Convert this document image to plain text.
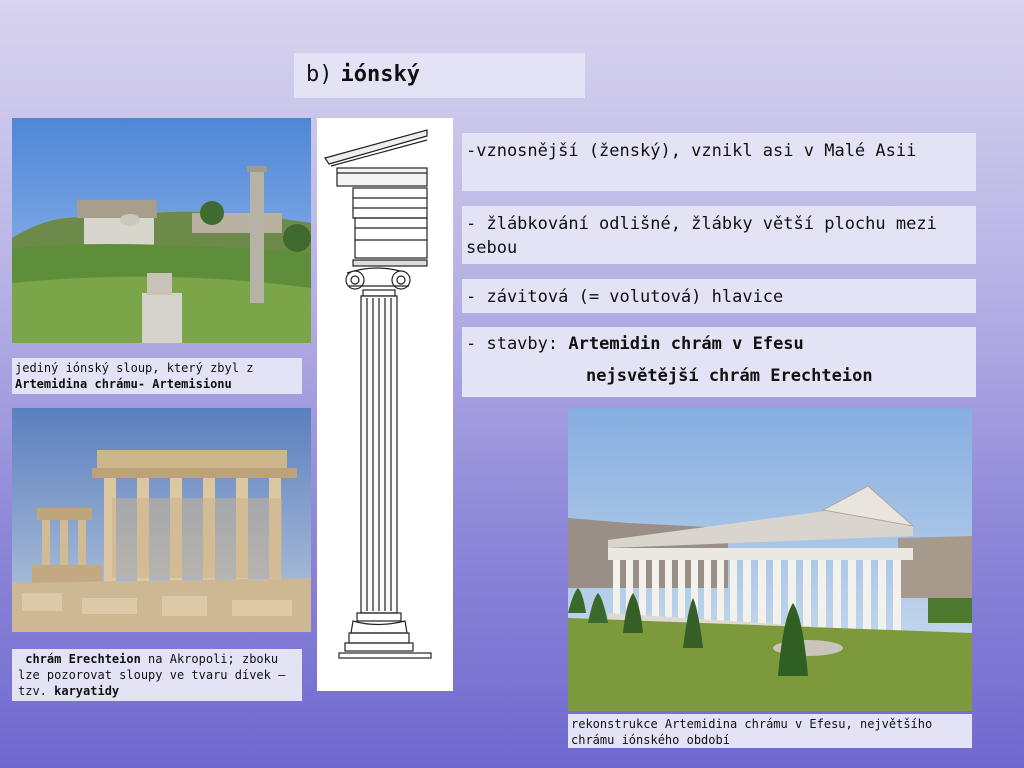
b) iónský
jediný iónský sloup, který zbyl z
Artemidina chrámu- Artemisionu
chrám Erechteion na Akropoli; zboku lze pozorovat sloupy ve tvaru dívek – tzv. karyatidy
-vznosnější (ženský), vznikl asi v Malé Asii
- žlábkování odlišné, žlábky větší plochu mezi sebou
- závitová (= volutová) hlavice
- stavby: Artemidin chrám v Efesu
nejsvětější chrám Erechteion
rekonstrukce Artemidina chrámu v Efesu, největšího chrámu iónského období
